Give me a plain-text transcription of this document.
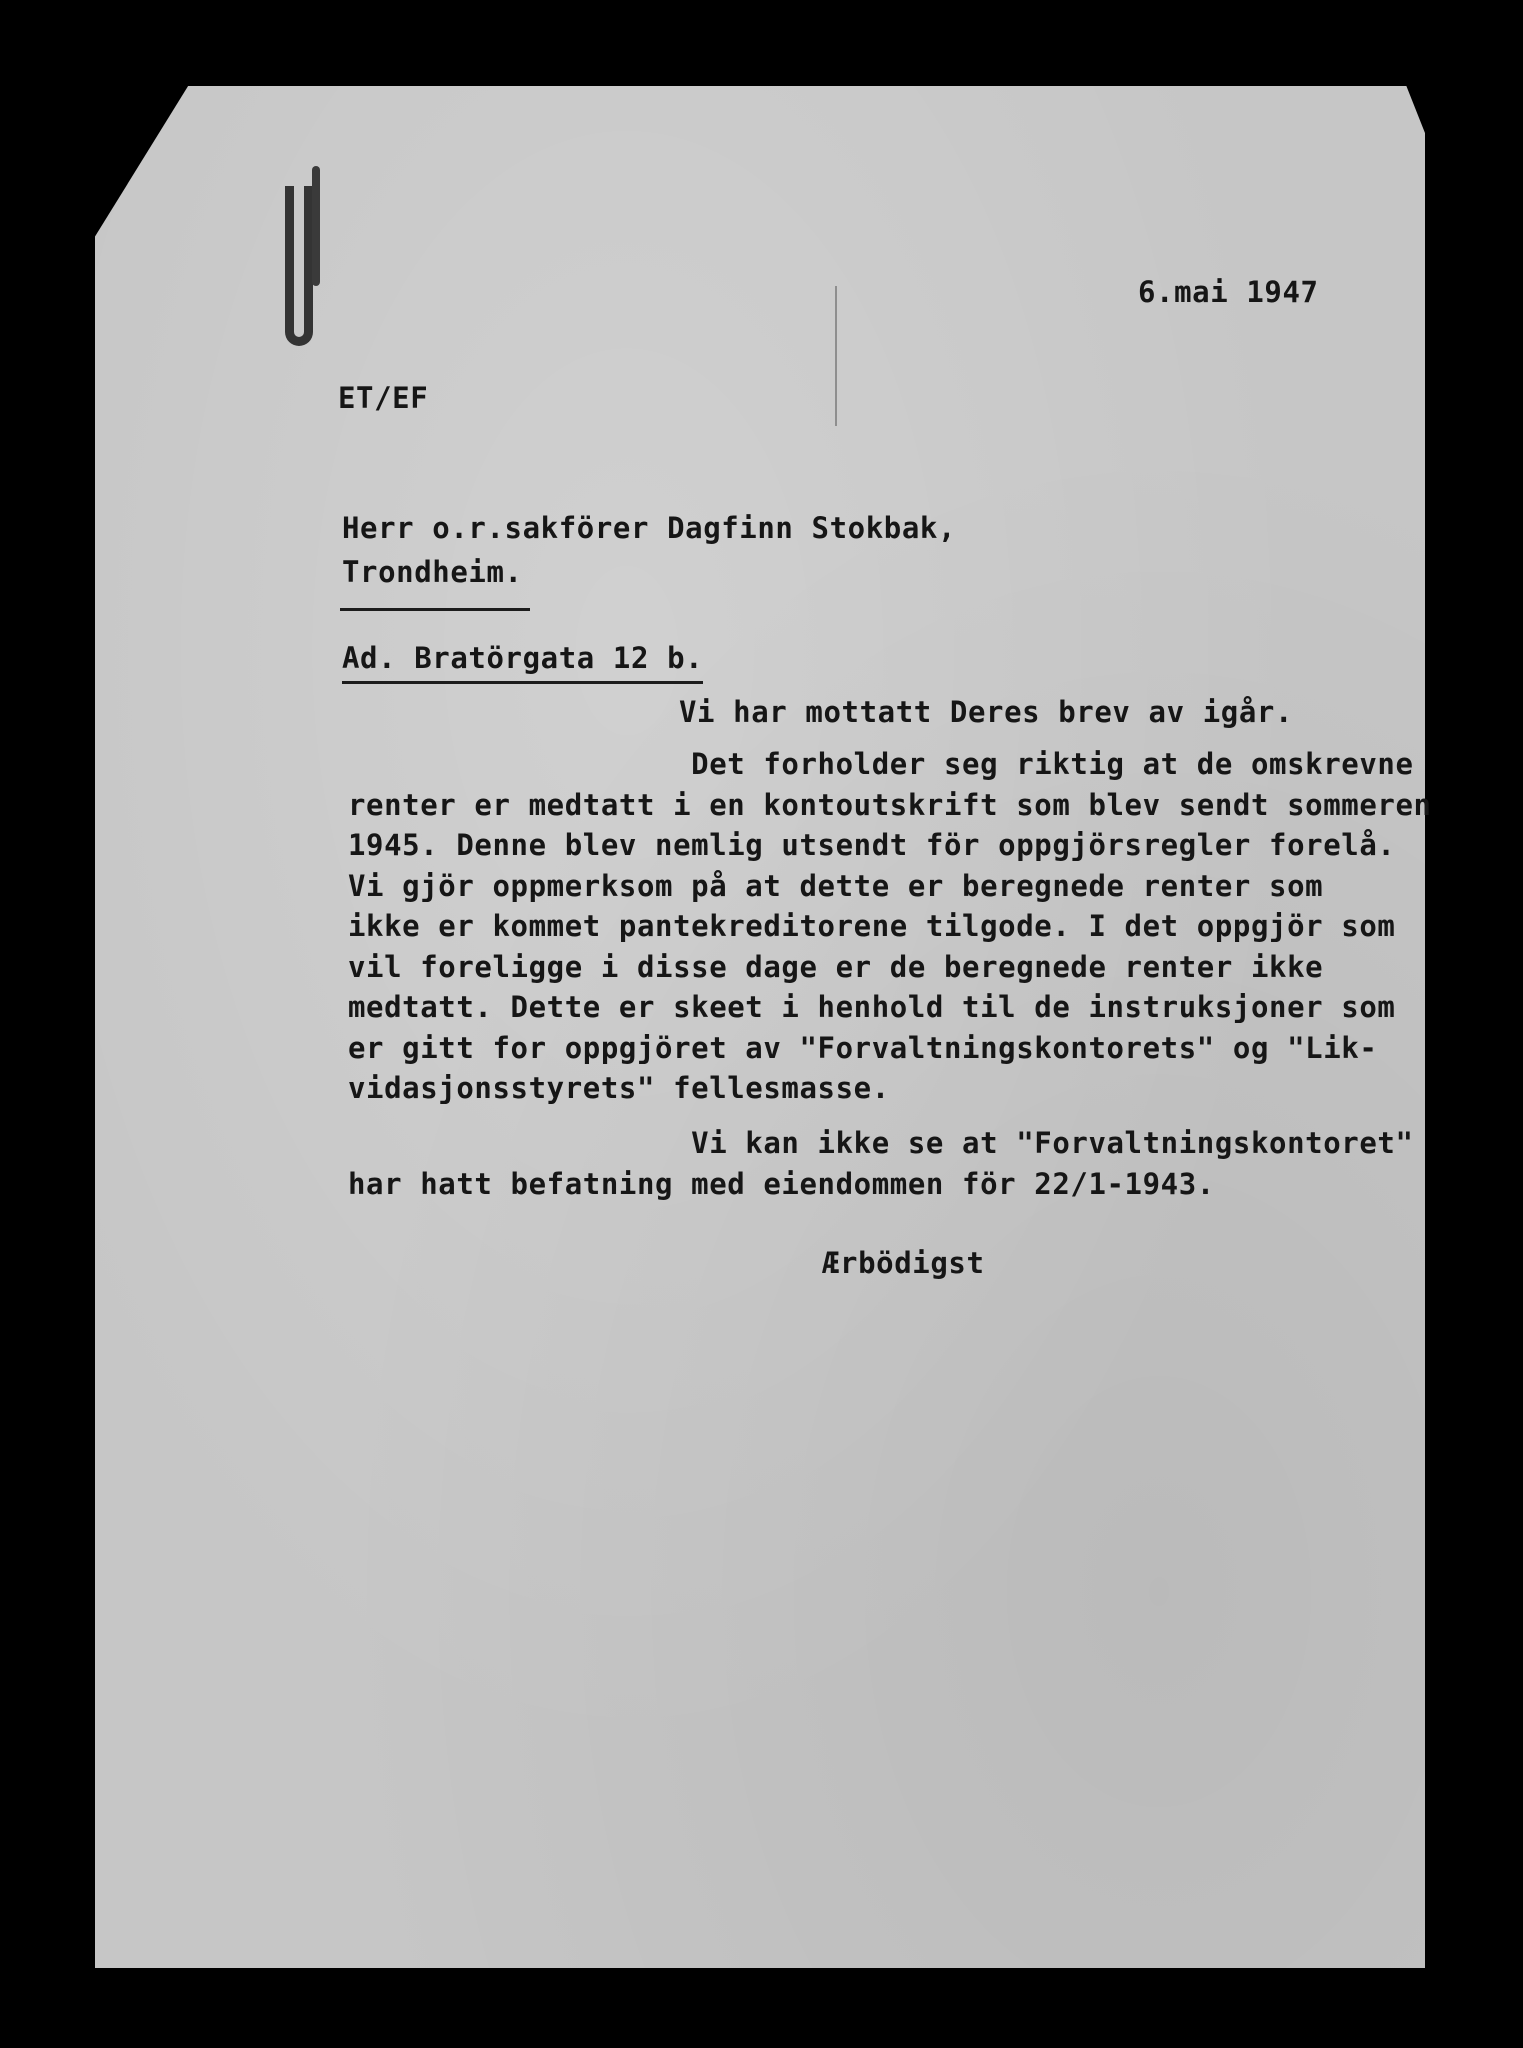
6.mai 1947
ET/EF
Herr o.r.sakförer Dagfinn Stokbak,
Trondheim.
Ad. Bratörgata 12 b.
Vi har mottatt Deres brev av igår.
Det forholder seg riktig at de omskrevne
renter er medtatt i en kontoutskrift som blev sendt sommeren
1945. Denne blev nemlig utsendt för oppgjörsregler forelå.
Vi gjör oppmerksom på at dette er beregnede renter som
ikke er kommet pantekreditorene tilgode. I det oppgjör som
vil foreligge i disse dage er de beregnede renter ikke
medtatt. Dette er skeet i henhold til de instruksjoner som
er gitt for oppgjöret av "Forvaltningskontorets" og "Lik-
vidasjonsstyrets" fellesmasse.
Vi kan ikke se at "Forvaltningskontoret"
har hatt befatning med eiendommen för 22/1-1943.
Ærbödigst
